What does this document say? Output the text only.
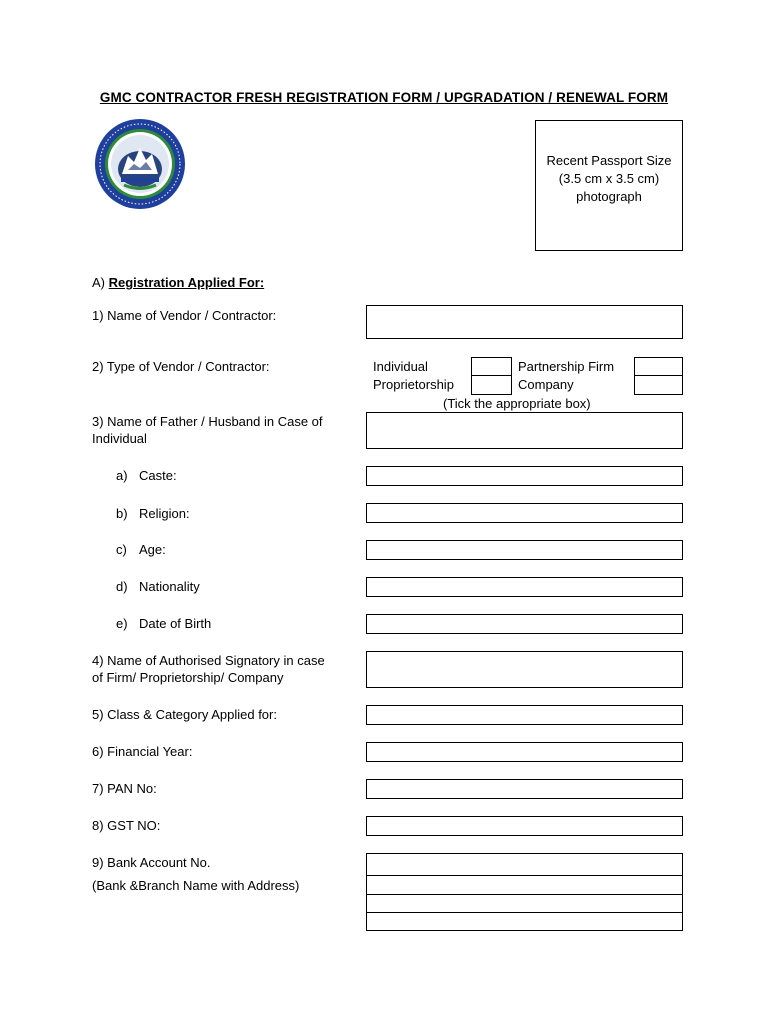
GMC CONTRACTOR FRESH REGISTRATION FORM / UPGRADATION / RENEWAL FORM
Recent Passport Size
(3.5 cm x 3.5 cm)
photograph
A) Registration Applied For:
1) Name of Vendor / Contractor:
2) Type of Vendor / Contractor:	Individual	Partnership Firm
Proprietorship	Company
(Tick the appropriate box)
3) Name of Father / Husband in Case of
Individual
a) Caste:
b) Religion:
c) Age:
d) Nationality
e) Date of Birth
4) Name of Authorised Signatory in case
of Firm/ Proprietorship/ Company
5) Class & Category Applied for:
6) Financial Year:
7) PAN No:
8) GST NO:
9) Bank Account No.
(Bank &Branch Name with Address)
